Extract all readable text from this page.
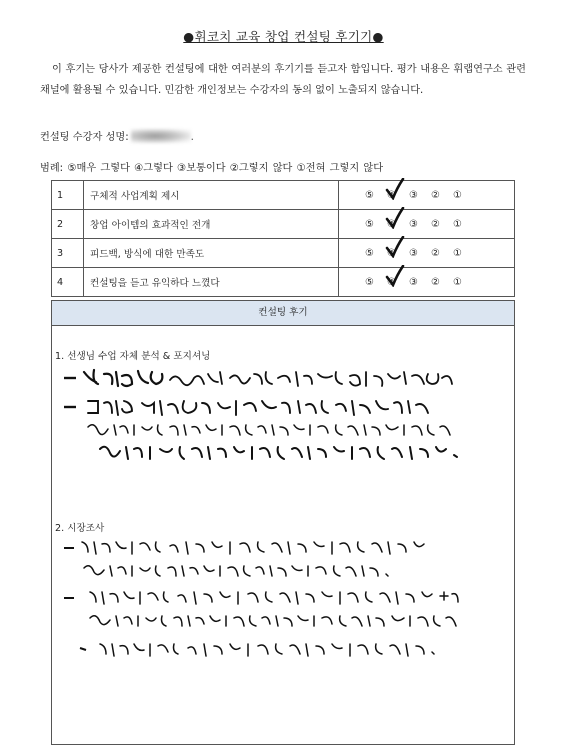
●휘코치 교육 창업 컨설팅 후기기●

이 후기는 당사가 제공한 컨설팅에 대한 여러분의 후기기를 듣고자 함입니다. 평가 내용은 휘랩연구소 관련 채널에 활용될 수 있습니다. 민감한 개인정보는 수강자의 동의 없이 노출되지 않습니다.

컨설팅 수강자 성명:	.
범례: ⑤매우 그렇다 ④그렇다 ③보통이다 ②그렇지 않다 ①전혀 그렇지 않다
1	구체적 사업계획 제시	⑤ ④ ③ ② ①
2	창업 아이템의 효과적인 전개	⑤ ④ ③ ② ①
3	피드백, 방식에 대한 만족도	⑤ ④ ③ ② ①
4	컨설팅을 듣고 유익하다 느꼈다	⑤ ④ ③ ② ①
컨설팅 후기
1. 선생님 수업 자체 분석 & 포지셔닝
2. 시장조사
